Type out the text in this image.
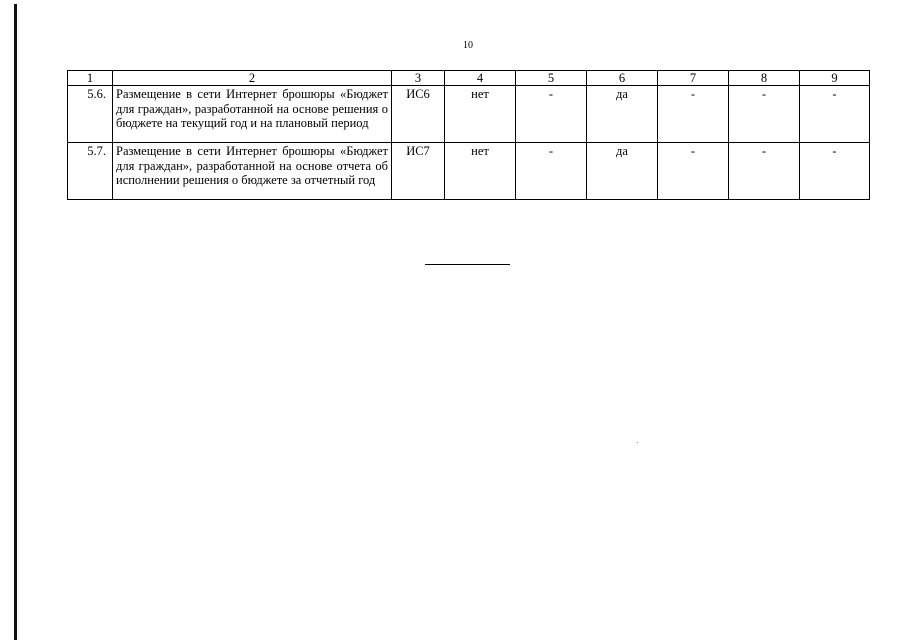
10
1	2	3	4	5	6	7	8	9
5.6.	Размещение в сети Интернет брошюры «Бюджет для граждан», разработанной на основе решения о бюджете на текущий год и на плановый период	ИС6	нет	-	да	-	-	-
5.7.	Размещение в сети Интернет брошюры «Бюджет для граждан», разработанной на основе отчета об исполнении решения о бюджете за отчетный год	ИС7	нет	-	да	-	-	-
